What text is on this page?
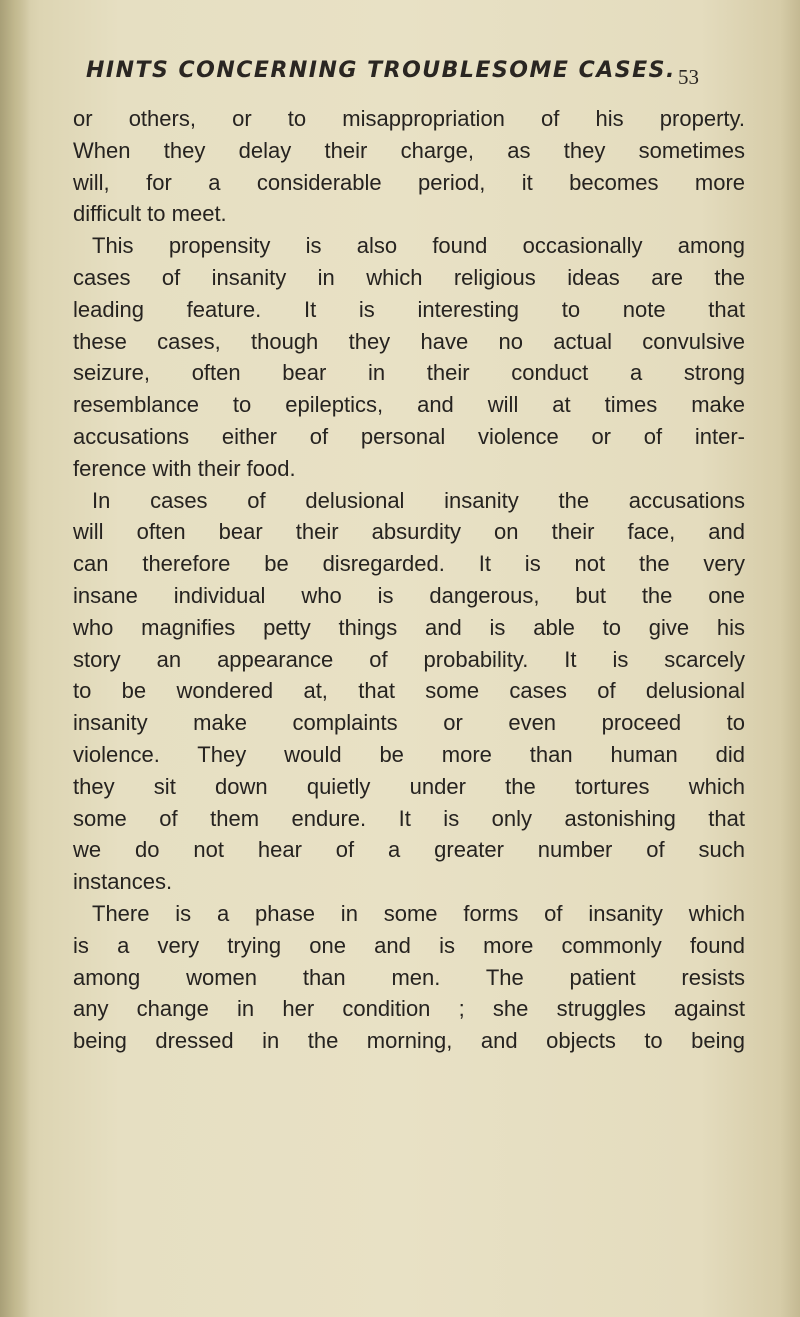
HINTS CONCERNING TROUBLESOME CASES. 53
or others, or to misappropriation of his property.
When they delay their charge, as they sometimes
will, for a considerable period, it becomes more
difficult to meet.
This propensity is also found occasionally among
cases of insanity in which religious ideas are the
leading feature. It is interesting to note that
these cases, though they have no actual convulsive
seizure, often bear in their conduct a strong
resemblance to epileptics, and will at times make
accusations either of personal violence or of inter-
ference with their food.
In cases of delusional insanity the accusations
will often bear their absurdity on their face, and
can therefore be disregarded. It is not the very
insane individual who is dangerous, but the one
who magnifies petty things and is able to give his
story an appearance of probability. It is scarcely
to be wondered at, that some cases of delusional
insanity make complaints or even proceed to
violence. They would be more than human did
they sit down quietly under the tortures which
some of them endure. It is only astonishing that
we do not hear of a greater number of such
instances.
There is a phase in some forms of insanity which
is a very trying one and is more commonly found
among women than men. The patient resists
any change in her condition ; she struggles against
being dressed in the morning, and objects to being
